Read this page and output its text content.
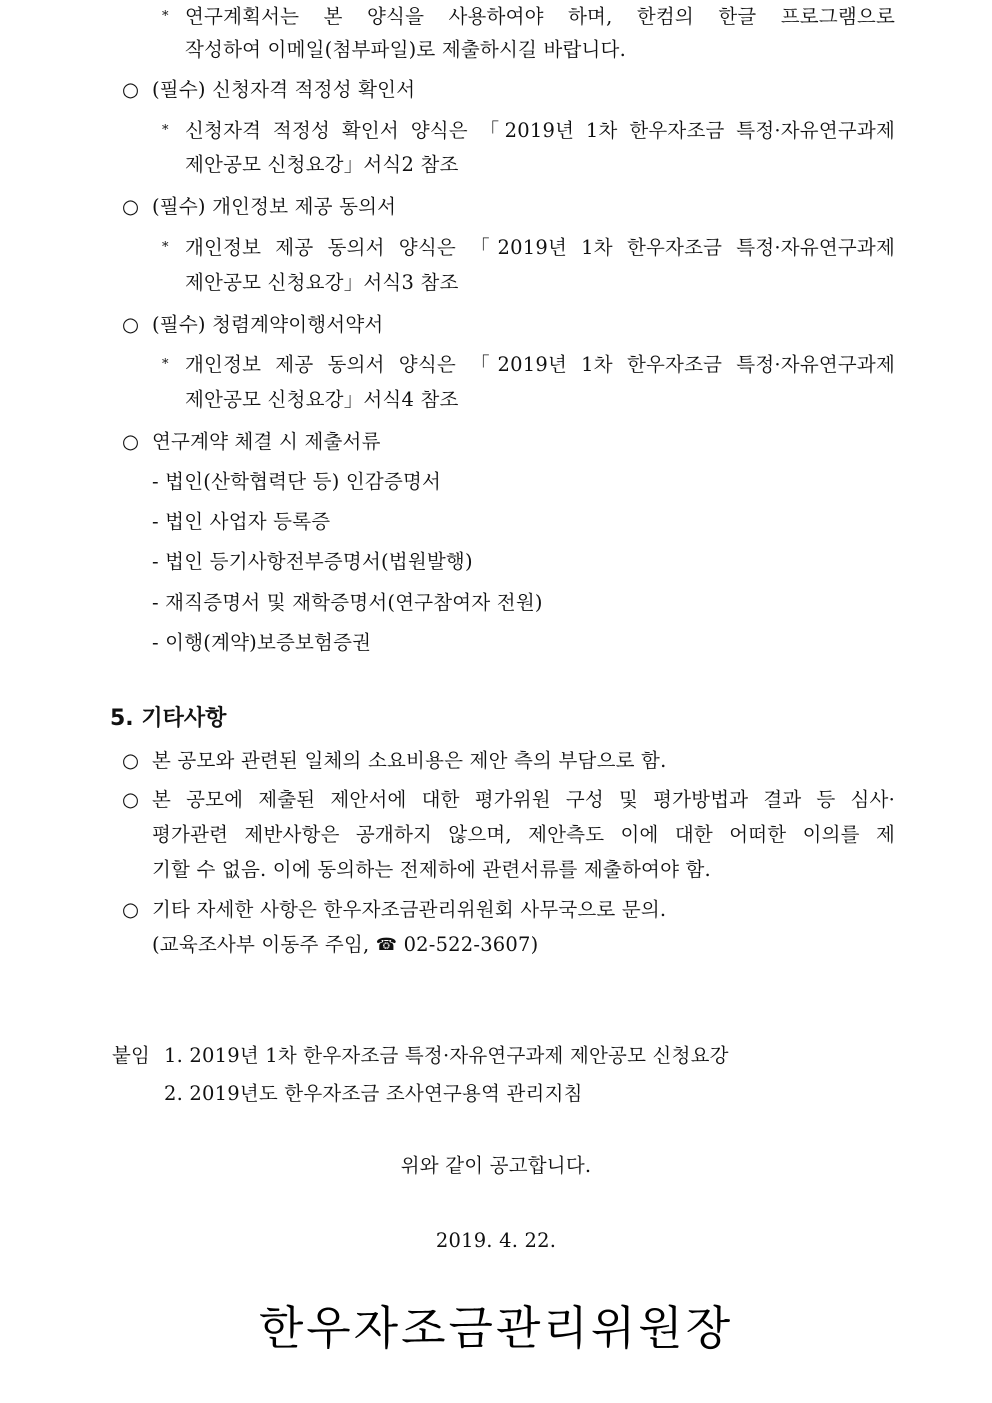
* 연구계획서는 본 양식을 사용하여야 하며, 한컴의 한글 프로그램으로
작성하여 이메일(첨부파일)로 제출하시길 바랍니다.
○ (필수) 신청자격 적정성 확인서
* 신청자격 적정성 확인서 양식은 「2019년 1차 한우자조금 특정·자유연구과제
제안공모 신청요강」서식2 참조
○ (필수) 개인정보 제공 동의서
* 개인정보 제공 동의서 양식은 「2019년 1차 한우자조금 특정·자유연구과제
제안공모 신청요강」서식3 참조
○ (필수) 청렴계약이행서약서
* 개인정보 제공 동의서 양식은 「2019년 1차 한우자조금 특정·자유연구과제
제안공모 신청요강」서식4 참조
○ 연구계약 체결 시 제출서류
- 법인(산학협력단 등) 인감증명서
- 법인 사업자 등록증
- 법인 등기사항전부증명서(법원발행)
- 재직증명서 및 재학증명서(연구참여자 전원)
- 이행(계약)보증보험증권
5. 기타사항
○ 본 공모와 관련된 일체의 소요비용은 제안 측의 부담으로 함.
○ 본 공모에 제출된 제안서에 대한 평가위원 구성 및 평가방법과 결과 등 심사·
평가관련 제반사항은 공개하지 않으며, 제안측도 이에 대한 어떠한 이의를 제
기할 수 없음. 이에 동의하는 전제하에 관련서류를 제출하여야 함.
○ 기타 자세한 사항은 한우자조금관리위원회 사무국으로 문의.
(교육조사부 이동주 주임, ☎ 02-522-3607)
붙임 1. 2019년 1차 한우자조금 특정·자유연구과제 제안공모 신청요강
2. 2019년도 한우자조금 조사연구용역 관리지침
위와 같이 공고합니다.
2019. 4. 22.
한우자조금관리위원장
